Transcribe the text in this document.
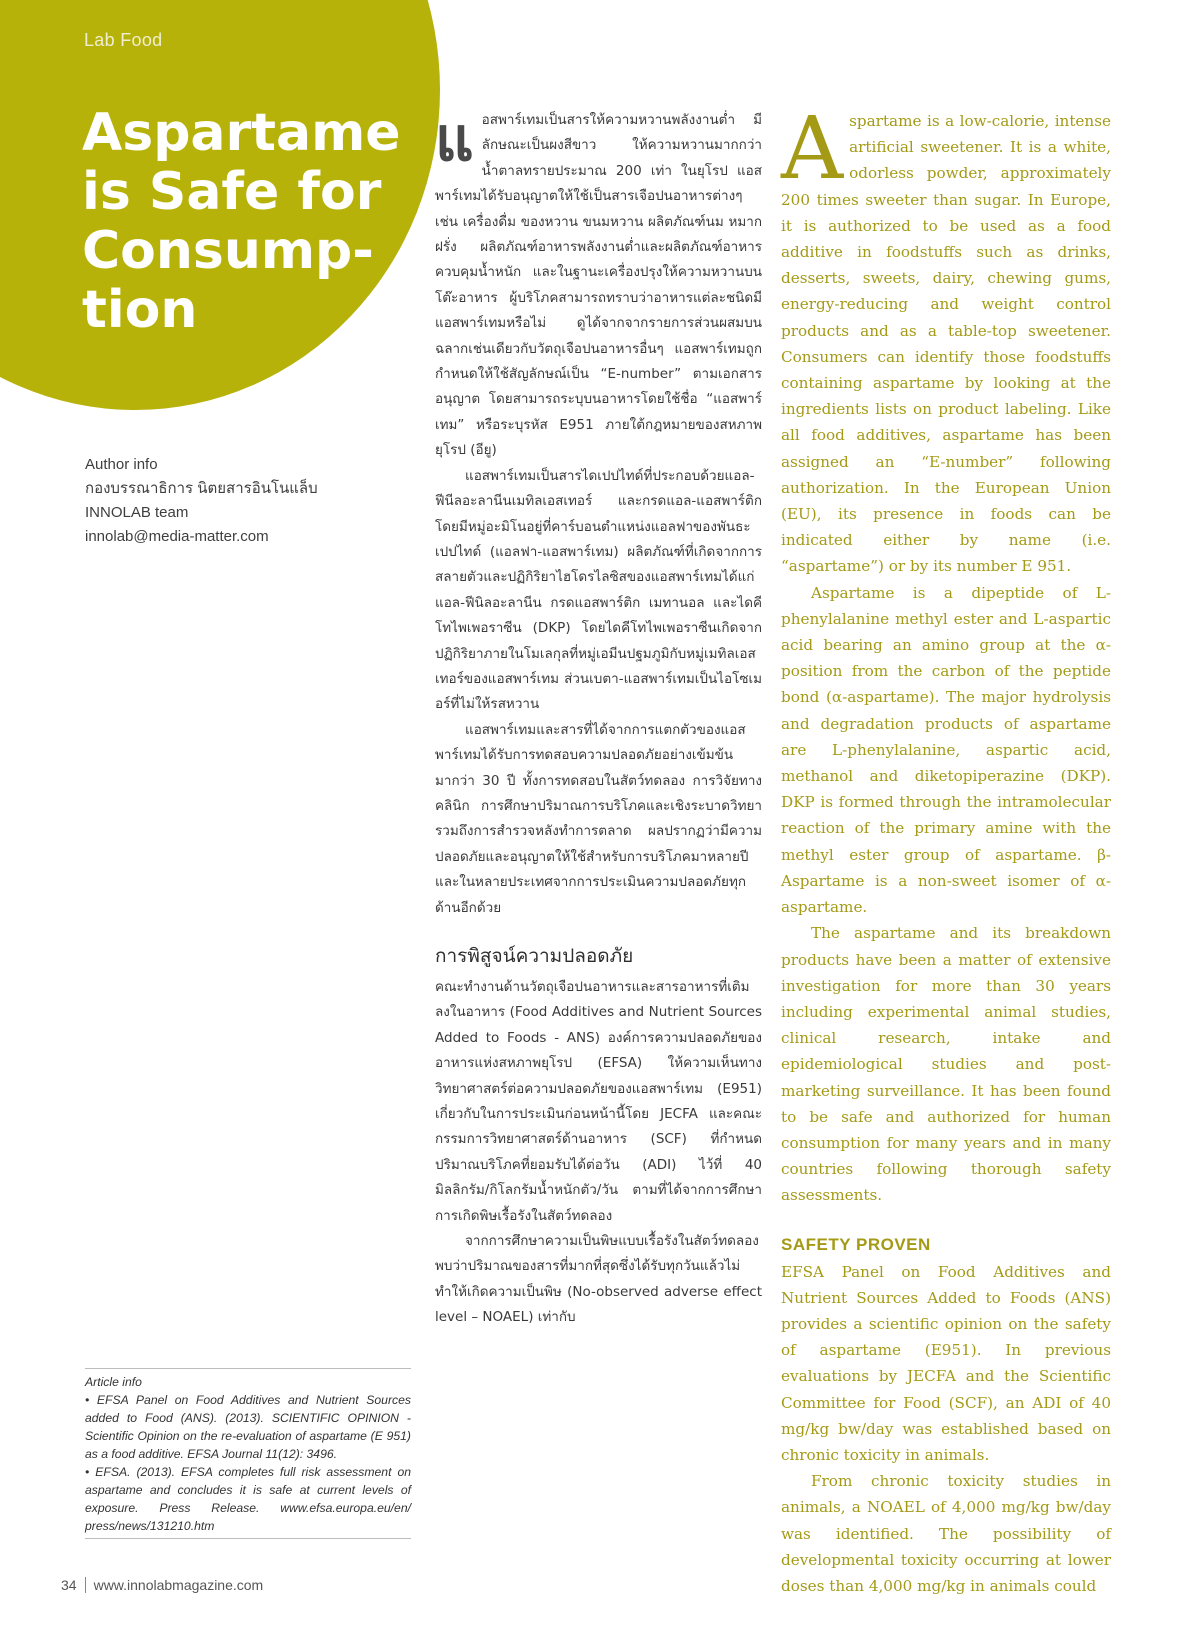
Lab Food
Aspartame
is Safe for
Consump-
tion
Author info
กองบรรณาธิการ นิตยสารอินโนแล็บ
INNOLAB team
innolab@media-matter.com

Article info

• EFSA Panel on Food Additives and Nutrient Sources added to Food (ANS). (2013). SCIENTIFIC OPINION -Scientific Opinion on the re-evaluation of aspartame (E 951) as a food additive. EFSA Journal 11(12): 3496.

• EFSA. (2013). EFSA completes full risk assessment on aspartame and concludes it is safe at current levels of exposure. Press Release. www.efsa.europa.eu/en/ press/news/131210.htm

แอสพาร์เทมเป็นสารให้ความหวานพลังงานต่ำ มีลักษณะเป็นผงสีขาว ให้ความหวานมากกว่าน้ำตาลทรายประมาณ 200 เท่า ในยุโรป แอสพาร์เทมได้รับอนุญาตให้ใช้เป็นสารเจือปนอาหารต่างๆ เช่น เครื่องดื่ม ของหวาน ขนมหวาน ผลิตภัณฑ์นม หมากฝรั่ง ผลิตภัณฑ์อาหารพลังงานต่ำและผลิตภัณฑ์อาหารควบคุมน้ำหนัก และในฐานะเครื่องปรุงให้ความหวานบนโต๊ะอาหาร ผู้บริโภคสามารถทราบว่าอาหารแต่ละชนิดมีแอสพาร์เทมหรือไม่ ดูได้จากจากรายการส่วนผสมบนฉลากเช่นเดียวกับวัตถุเจือปนอาหารอื่นๆ แอสพาร์เทมถูกกำหนดให้ใช้สัญลักษณ์เป็น “E-number” ตามเอกสารอนุญาต โดยสามารถระบุบนอาหารโดยใช้ชื่อ “แอสพาร์เทม” หรือระบุรหัส E951 ภายใต้กฎหมายของสหภาพยุโรป (อียู)

แอสพาร์เทมเป็นสารไดเปปไทด์ที่ประกอบด้วยแอล-ฟีนีลอะลานีนเมทิลเอสเทอร์ และกรดแอล-แอสพาร์ติก โดยมีหมู่อะมิโนอยู่ที่คาร์บอนตำแหน่งแอลฟาของพันธะเปปไทด์ (แอลฟา-แอสพาร์เทม) ผลิตภัณฑ์ที่เกิดจากการสลายตัวและปฏิกิริยาไฮโดรไลซิสของแอสพาร์เทมได้แก่ แอล-ฟีนิลอะลานีน กรดแอสพาร์ติก เมทานอล และไดคีโทไพเพอราซีน (DKP) โดยไดคีโทไพเพอราซีนเกิดจากปฏิกิริยาภายในโมเลกุลที่หมู่เอมีนปฐมภูมิกับหมู่เมทิลเอสเทอร์ของแอสพาร์เทม ส่วนเบตา-แอสพาร์เทมเป็นไอโซเมอร์ที่ไม่ให้รสหวาน

แอสพาร์เทมและสารที่ได้จากการแตกตัวของแอสพาร์เทมได้รับการทดสอบความปลอดภัยอย่างเข้มข้นมากว่า 30 ปี ทั้งการทดสอบในสัตว์ทดลอง การวิจัยทางคลินิก การศึกษาปริมาณการบริโภคและเชิงระบาดวิทยา รวมถึงการสำรวจหลังทำการตลาด ผลปรากฏว่ามีความปลอดภัยและอนุญาตให้ใช้สำหรับการบริโภคมาหลายปีและในหลายประเทศจากการประเมินความปลอดภัยทุกด้านอีกด้วย

การพิสูจน์ความปลอดภัย

คณะทำงานด้านวัตถุเจือปนอาหารและสารอาหารที่เติมลงในอาหาร (Food Additives and Nutrient Sources Added to Foods - ANS) องค์การความปลอดภัยของอาหารแห่งสหภาพยุโรป (EFSA) ให้ความเห็นทางวิทยาศาสตร์ต่อความปลอดภัยของแอสพาร์เทม (E951) เกี่ยวกับในการประเมินก่อนหน้านี้โดย JECFA และคณะกรรมการวิทยาศาสตร์ด้านอาหาร (SCF) ที่กำหนดปริมาณบริโภคที่ยอมรับได้ต่อวัน (ADI) ไว้ที่ 40 มิลลิกรัม/กิโลกรัมน้ำหนักตัว/วัน ตามที่ได้จากการศึกษาการเกิดพิษเรื้อรังในสัตว์ทดลอง

จากการศึกษาความเป็นพิษแบบเรื้อรังในสัตว์ทดลอง พบว่าปริมาณของสารที่มากที่สุดซึ่งได้รับทุกวันแล้วไม่ทำให้เกิดความเป็นพิษ (No-observed adverse effect level – NOAEL) เท่ากับ

Aspartame is a low-calorie, intense artificial sweetener. It is a white, odorless powder, approximately 200 times sweeter than sugar. In Europe, it is authorized to be used as a food additive in foodstuffs such as drinks, desserts, sweets, dairy, chewing gums, energy-reducing and weight control products and as a table-top sweetener. Consumers can identify those foodstuffs containing aspartame by looking at the ingredients lists on product labeling. Like all food additives, aspartame has been assigned an “E-number” following authorization. In the European Union (EU), its presence in foods can be indicated either by name (i.e. “aspartame”) or by its number E 951.

Aspartame is a dipeptide of L-phenylalanine methyl ester and L-aspartic acid bearing an amino group at the α-position from the carbon of the peptide bond (α-aspartame). The major hydrolysis and degradation products of aspartame are L-phenylalanine, aspartic acid, methanol and diketopiperazine (DKP). DKP is formed through the intramolecular reaction of the primary amine with the methyl ester group of aspartame. β-Aspartame is a non-sweet isomer of α-aspartame.

The aspartame and its breakdown products have been a matter of extensive investigation for more than 30 years including experimental animal studies, clinical research, intake and epidemiological studies and post-marketing surveillance. It has been found to be safe and authorized for human consumption for many years and in many countries following thorough safety assessments.

SAFETY PROVEN

EFSA Panel on Food Additives and Nutrient Sources Added to Foods (ANS) provides a scientific opinion on the safety of aspartame (E951). In previous evaluations by JECFA and the Scientific Committee for Food (SCF), an ADI of 40 mg/kg bw/day was established based on chronic toxicity in animals.

From chronic toxicity studies in animals, a NOAEL of 4,000 mg/kg bw/day was identified. The possibility of developmental toxicity occurring at lower doses than 4,000 mg/kg in animals could

34 www.innolabmagazine.com
